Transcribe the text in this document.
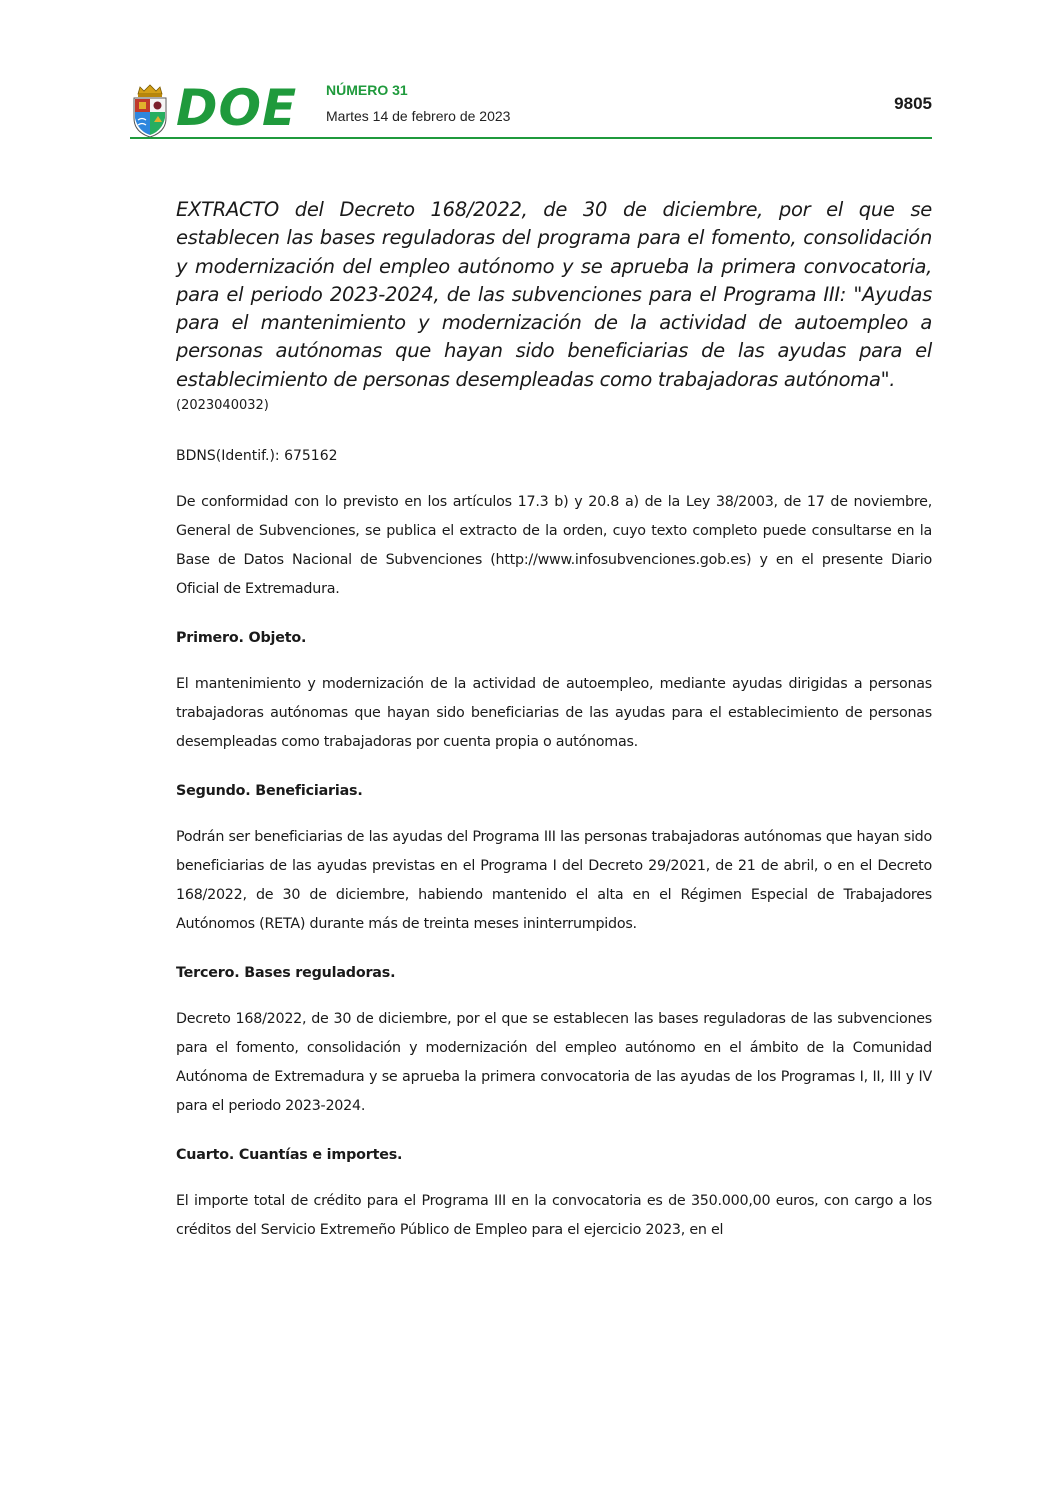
DOE NÚMERO 31
Martes 14 de febrero de 2023
9805

EXTRACTO del Decreto 168/2022, de 30 de diciembre, por el que se establecen las bases reguladoras del programa para el fomento, consolidación y modernización del empleo autónomo y se aprueba la primera convocatoria, para el periodo 2023-2024, de las subvenciones para el Programa III: "Ayudas para el mantenimiento y modernización de la actividad de autoempleo a personas autónomas que hayan sido beneficiarias de las ayudas para el establecimiento de personas desempleadas como trabajadoras autónoma".

(2023040032)

BDNS(Identif.): 675162

De conformidad con lo previsto en los artículos 17.3 b) y 20.8 a) de la Ley 38/2003, de 17 de noviembre, General de Subvenciones, se publica el extracto de la orden, cuyo texto completo puede consultarse en la Base de Datos Nacional de Subvenciones (http://www.infosubvenciones.gob.es) y en el presente Diario Oficial de Extremadura.

Primero. Objeto.

El mantenimiento y modernización de la actividad de autoempleo, mediante ayudas dirigidas a personas trabajadoras autónomas que hayan sido beneficiarias de las ayudas para el establecimiento de personas desempleadas como trabajadoras por cuenta propia o autónomas.

Segundo. Beneficiarias.

Podrán ser beneficiarias de las ayudas del Programa III las personas trabajadoras autónomas que hayan sido beneficiarias de las ayudas previstas en el Programa I del Decreto 29/2021, de 21 de abril, o en el Decreto 168/2022, de 30 de diciembre, habiendo mantenido el alta en el Régimen Especial de Trabajadores Autónomos (RETA) durante más de treinta meses ininterrumpidos.

Tercero. Bases reguladoras.

Decreto 168/2022, de 30 de diciembre, por el que se establecen las bases reguladoras de las subvenciones para el fomento, consolidación y modernización del empleo autónomo en el ámbito de la Comunidad Autónoma de Extremadura y se aprueba la primera convocatoria de las ayudas de los Programas I, II, III y IV para el periodo 2023-2024.

Cuarto. Cuantías e importes.

El importe total de crédito para el Programa III en la convocatoria es de 350.000,00 euros, con cargo a los créditos del Servicio Extremeño Público de Empleo para el ejercicio 2023, en el
